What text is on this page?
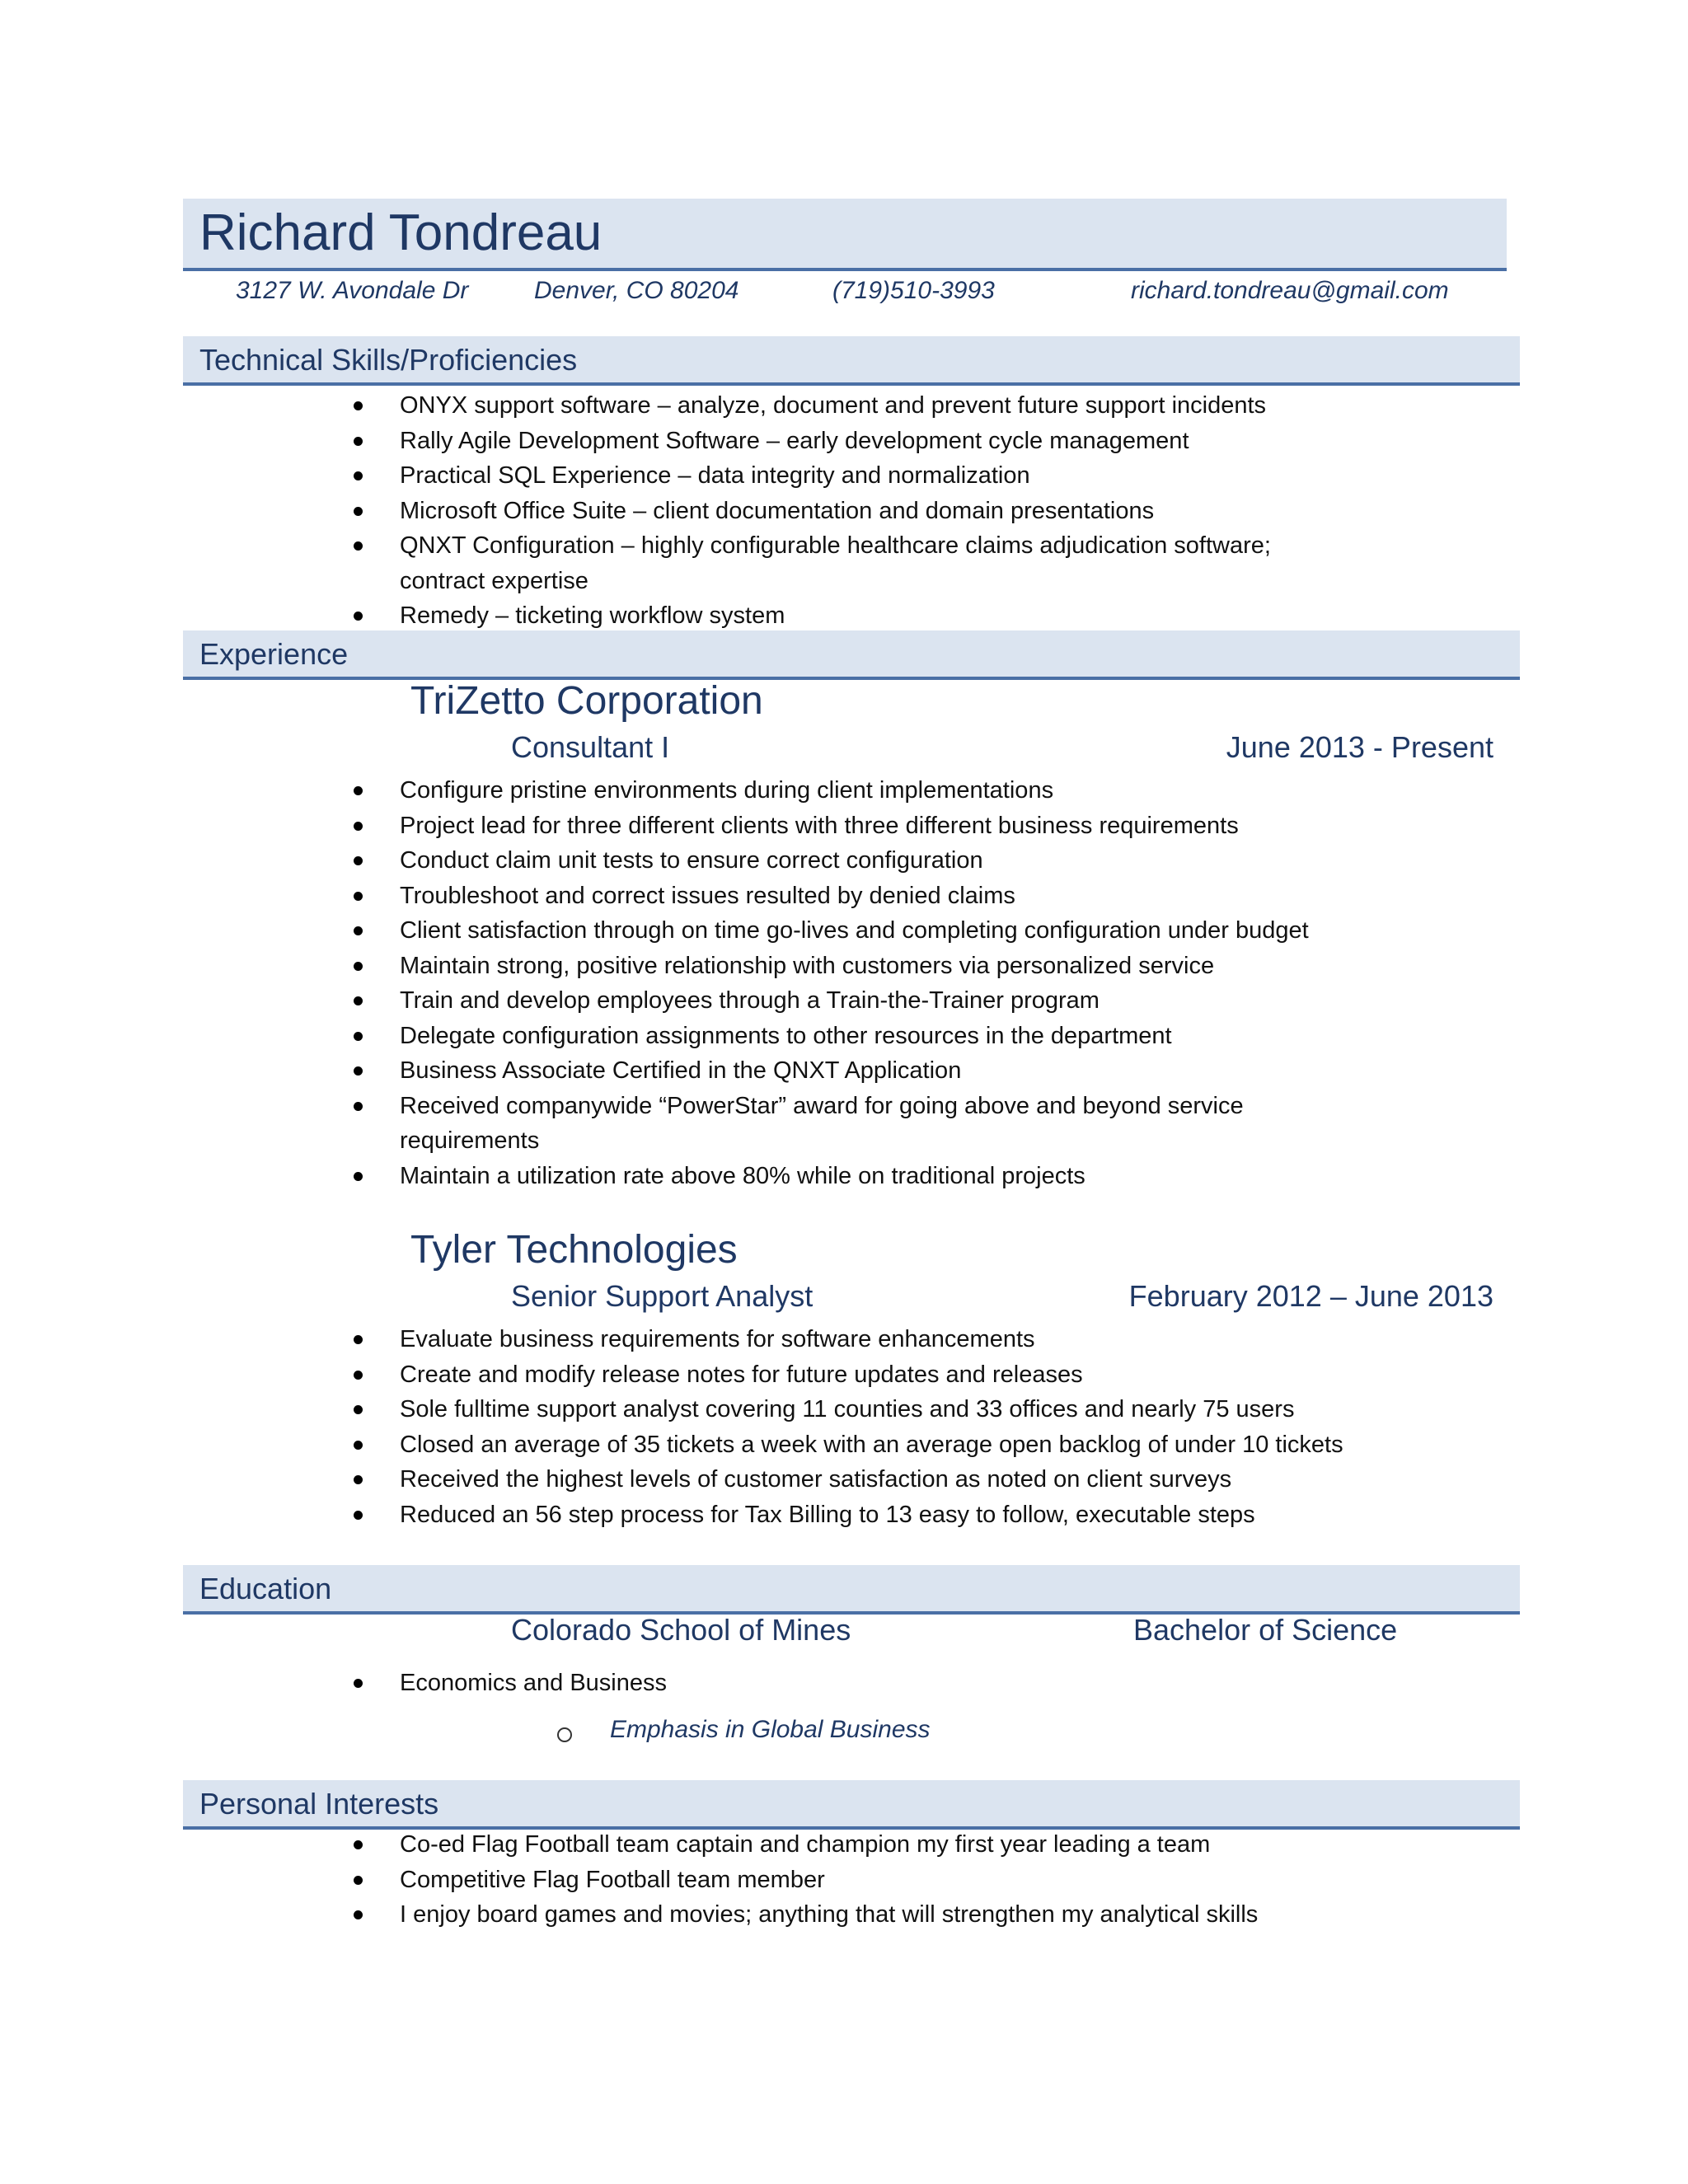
Richard Tondreau
3127 W. Avondale Dr	Denver, CO 80204	(719)510-3993	richard.tondreau@gmail.com
Technical Skills/Proficiencies
ONYX support software – analyze, document and prevent future support incidents
Rally Agile Development Software – early development cycle management
Practical SQL Experience – data integrity and normalization
Microsoft Office Suite – client documentation and domain presentations
QNXT Configuration – highly configurable healthcare claims adjudication software;
contract expertise
Remedy – ticketing workflow system
Experience
TriZetto Corporation
Consultant I	June 2013 - Present
Configure pristine environments during client implementations
Project lead for three different clients with three different business requirements
Conduct claim unit tests to ensure correct configuration
Troubleshoot and correct issues resulted by denied claims
Client satisfaction through on time go-lives and completing configuration under budget
Maintain strong, positive relationship with customers via personalized service
Train and develop employees through a Train-the-Trainer program
Delegate configuration assignments to other resources in the department
Business Associate Certified in the QNXT Application
Received companywide “PowerStar” award for going above and beyond service
requirements
Maintain a utilization rate above 80% while on traditional projects
Tyler Technologies
Senior Support Analyst	February 2012 – June 2013
Evaluate business requirements for software enhancements
Create and modify release notes for future updates and releases
Sole fulltime support analyst covering 11 counties and 33 offices and nearly 75 users
Closed an average of 35 tickets a week with an average open backlog of under 10 tickets
Received the highest levels of customer satisfaction as noted on client surveys
Reduced an 56 step process for Tax Billing to 13 easy to follow, executable steps
Education
Colorado School of Mines	Bachelor of Science
Economics and Business
Emphasis in Global Business
Personal Interests
Co-ed Flag Football team captain and champion my first year leading a team
Competitive Flag Football team member
I enjoy board games and movies; anything that will strengthen my analytical skills
